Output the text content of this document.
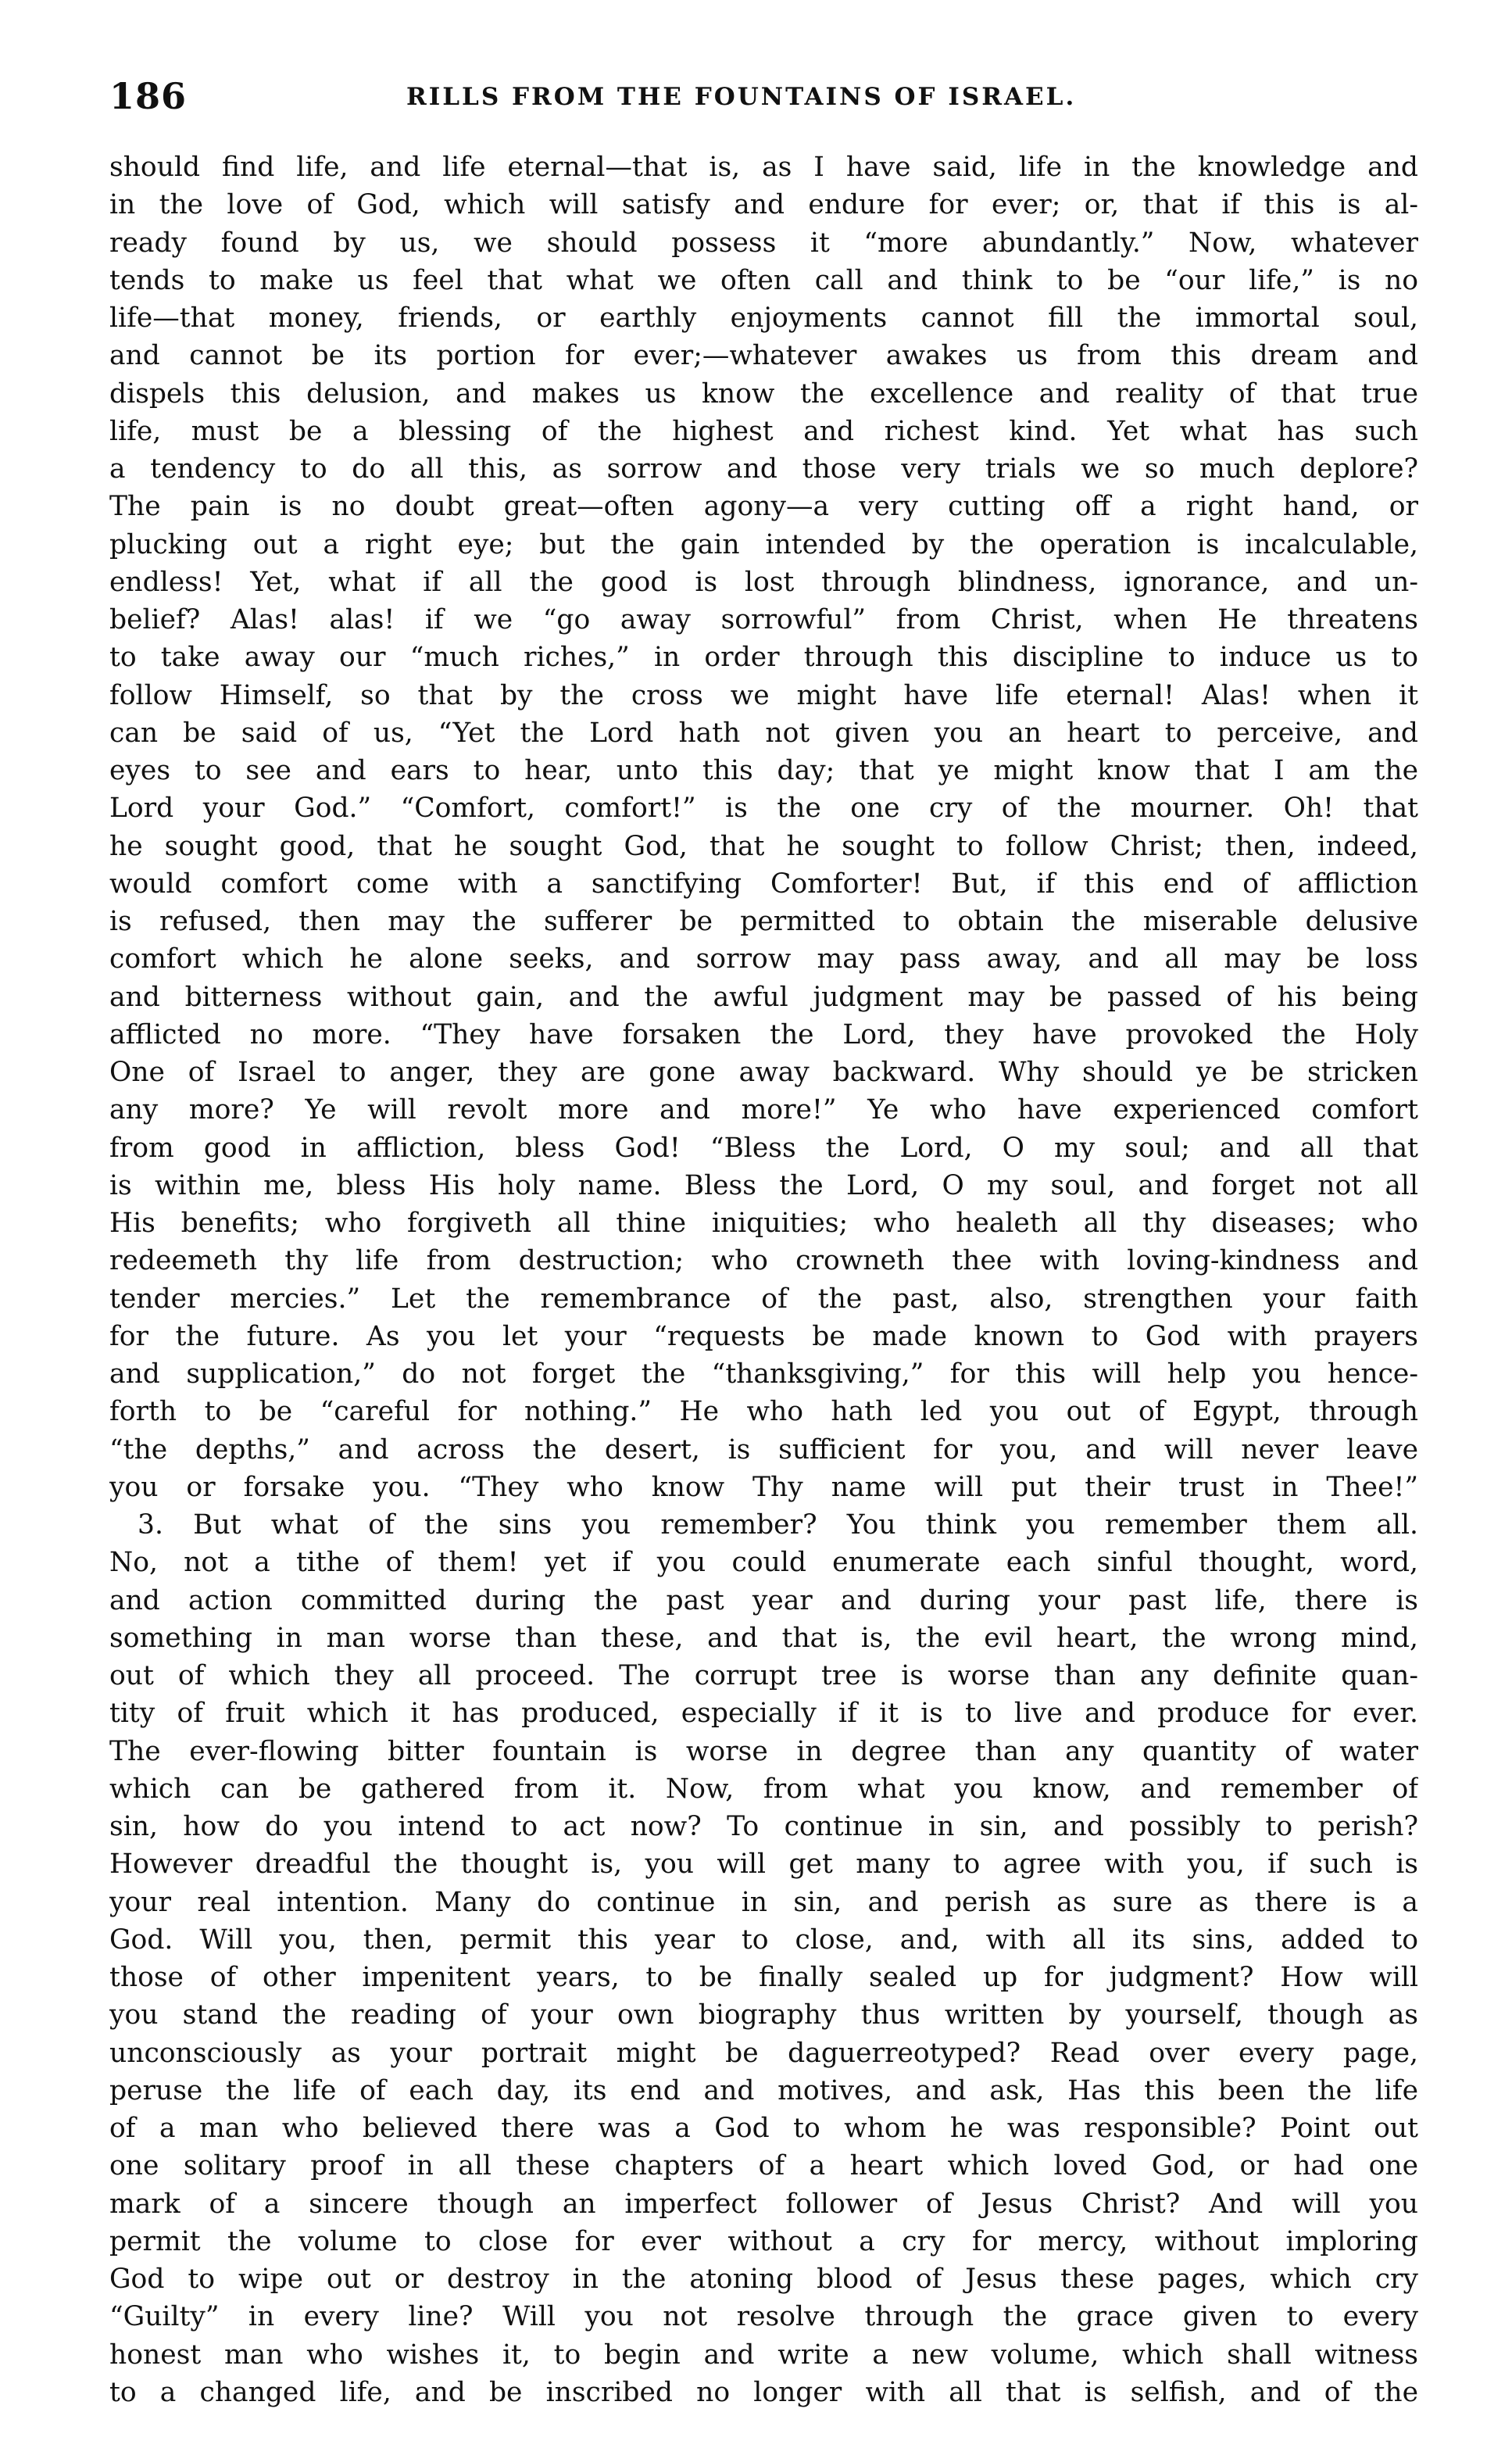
186	RILLS FROM THE FOUNTAINS OF ISRAEL.
should find life, and life eternal—that is, as I have said, life in the knowledge and
in the love of God, which will satisfy and endure for ever; or, that if this is al-
ready found by us, we should possess it “more abundantly.” Now, whatever
tends to make us feel that what we often call and think to be “our life,” is no
life—that money, friends, or earthly enjoyments cannot fill the immortal soul,
and cannot be its portion for ever;—whatever awakes us from this dream and
dispels this delusion, and makes us know the excellence and reality of that true
life, must be a blessing of the highest and richest kind. Yet what has such
a tendency to do all this, as sorrow and those very trials we so much deplore?
The pain is no doubt great—often agony—a very cutting off a right hand, or
plucking out a right eye; but the gain intended by the operation is incalculable,
endless! Yet, what if all the good is lost through blindness, ignorance, and un-
belief? Alas! alas! if we “go away sorrowful” from Christ, when He threatens
to take away our “much riches,” in order through this discipline to induce us to
follow Himself, so that by the cross we might have life eternal! Alas! when it
can be said of us, “Yet the Lord hath not given you an heart to perceive, and
eyes to see and ears to hear, unto this day; that ye might know that I am the
Lord your God.” “Comfort, comfort!” is the one cry of the mourner. Oh! that
he sought good, that he sought God, that he sought to follow Christ; then, indeed,
would comfort come with a sanctifying Comforter! But, if this end of affliction
is refused, then may the sufferer be permitted to obtain the miserable delusive
comfort which he alone seeks, and sorrow may pass away, and all may be loss
and bitterness without gain, and the awful judgment may be passed of his being
afflicted no more. “They have forsaken the Lord, they have provoked the Holy
One of Israel to anger, they are gone away backward. Why should ye be stricken
any more? Ye will revolt more and more!” Ye who have experienced comfort
from good in affliction, bless God! “Bless the Lord, O my soul; and all that
is within me, bless His holy name. Bless the Lord, O my soul, and forget not all
His benefits; who forgiveth all thine iniquities; who healeth all thy diseases; who
redeemeth thy life from destruction; who crowneth thee with loving-kindness and
tender mercies.” Let the remembrance of the past, also, strengthen your faith
for the future. As you let your “requests be made known to God with prayers
and supplication,” do not forget the “thanksgiving,” for this will help you hence-
forth to be “careful for nothing.” He who hath led you out of Egypt, through
“the depths,” and across the desert, is sufficient for you, and will never leave
you or forsake you. “They who know Thy name will put their trust in Thee!”
3. But what of the sins you remember? You think you remember them all.
No, not a tithe of them! yet if you could enumerate each sinful thought, word,
and action committed during the past year and during your past life, there is
something in man worse than these, and that is, the evil heart, the wrong mind,
out of which they all proceed. The corrupt tree is worse than any definite quan-
tity of fruit which it has produced, especially if it is to live and produce for ever.
The ever-flowing bitter fountain is worse in degree than any quantity of water
which can be gathered from it. Now, from what you know, and remember of
sin, how do you intend to act now? To continue in sin, and possibly to perish?
However dreadful the thought is, you will get many to agree with you, if such is
your real intention. Many do continue in sin, and perish as sure as there is a
God. Will you, then, permit this year to close, and, with all its sins, added to
those of other impenitent years, to be finally sealed up for judgment? How will
you stand the reading of your own biography thus written by yourself, though as
unconsciously as your portrait might be daguerreotyped? Read over every page,
peruse the life of each day, its end and motives, and ask, Has this been the life
of a man who believed there was a God to whom he was responsible? Point out
one solitary proof in all these chapters of a heart which loved God, or had one
mark of a sincere though an imperfect follower of Jesus Christ? And will you
permit the volume to close for ever without a cry for mercy, without imploring
God to wipe out or destroy in the atoning blood of Jesus these pages, which cry
“Guilty” in every line? Will you not resolve through the grace given to every
honest man who wishes it, to begin and write a new volume, which shall witness
to a changed life, and be inscribed no longer with all that is selfish, and of the
